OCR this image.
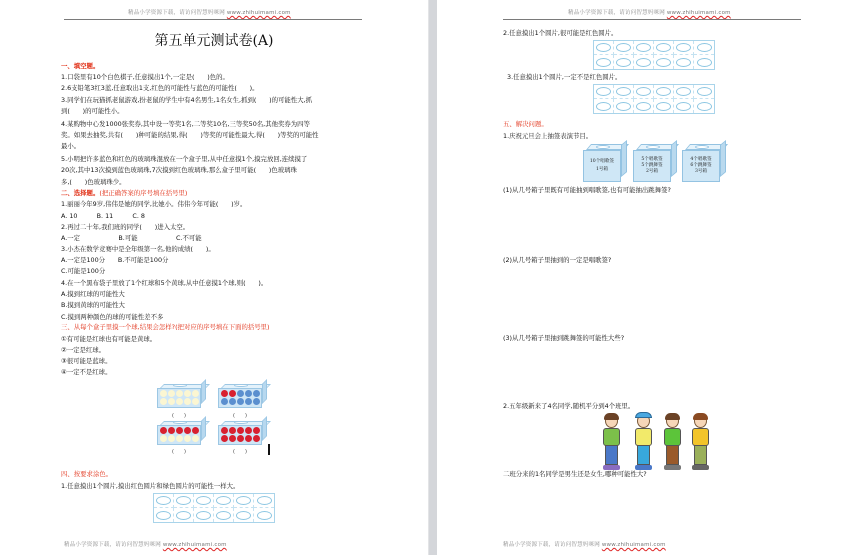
精品小学资源下载，请访问智慧妈咪网 www.zhihuimami.com
第五单元测试卷(A)
一、填空题。
1.口袋里有10个白色棋子,任意摸出1个,一定是(　　)色的。
2.6支铅笔3红3蓝,任意取出1支,红色的可能性与蓝色的可能性(　　)。
3.同学们在玩猫抓老鼠游戏,扮老鼠的学生中有4名男生,1名女生,抓到(　　)的可能性大,抓
到(　　)的可能性小。
4.某购物中心发1000张奖券,其中设一等奖1名,二等奖10名,三等奖50名,其他奖券为四等
奖。如果去抽奖,共有(　　)种可能的结果,得(　　)等奖的可能性最大,得(　　)等奖的可能性
最小。
5.小明把许多蓝色和红色的玻璃珠混放在一个盒子里,从中任意摸1个,摸完放回,连续摸了
20次,其中13次摸到蓝色玻璃珠,7次摸到红色玻璃珠,那么盒子里可能(　　)色玻璃珠
多,(　　)色玻璃珠少。
二、选择题。(把正确答案的序号填在括号里)
1.丽丽今年9岁,伟伟是她的同学,比她小。伟伟今年可能(　　)岁。
A. 10　　　B. 11　　　C. 8
2.再过二十年,我们班的同学(　　)进入太空。
A.一定　　　　　　B.可能　　　　　　C.不可能
3.小杰在数学竞赛中是全年级第一名,他的成绩(　　)。
A.一定是100分　　B.不可能是100分
C.可能是100分
4.在一个黑布袋子里放了1个红球和5个黄球,从中任意摸1个球,则(　　)。
A.摸到红球的可能性大
B.摸到黄球的可能性大
C.摸到两种颜色的球的可能性差不多
三、从每个盒子里摸一个球,结果会怎样?(把对应的序号填在下面的括号里)
①有可能是红球也有可能是黄球。
②一定是红球。
③很可能是蓝球。
④一定不是红球。
(　　)	(　　)
(　　)	(　　)
四、按要求涂色。
1.任意摸出1个圆片,摸出红色圆片和绿色圆片的可能性一样大。
精品小学资源下载，请访问智慧妈咪网 www.zhihuimami.com
精品小学资源下载，请访问智慧妈咪网 www.zhihuimami.com
2.任意摸出1个圆片,很可能是红色圆片。
3.任意摸出1个圆片,一定不是红色圆片。
五、解决问题。
1.庆祝元旦会上抽签表演节目。
10个唱歌签
1号箱
5个唱歌签
5个跳舞签
2号箱
4个唱歌签
6个跳舞签
3号箱
(1)从几号箱子里既有可能抽到唱歌签,也有可能抽出跳舞签?
(2)从几号箱子里抽到的一定是唱歌签?
(3)从几号箱子里抽到跳舞签的可能性大些?
2.五年级新来了4名同学,随机平分到4个班里。
二班分来的1名同学是男生还是女生,哪种可能性大?
精品小学资源下载，请访问智慧妈咪网 www.zhihuimami.com
